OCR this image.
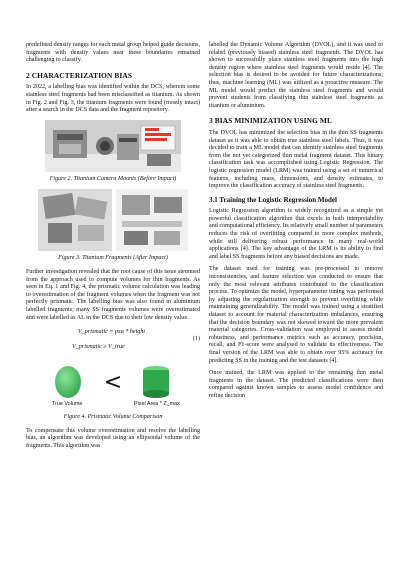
predefined density ranges for each metal group helped guide decisions, fragments with density values near these boundaries remained challenging to classify.

2 CHARACTERIZATION BIAS

In 2022, a labelling bias was identified within the DCS, wherein some stainless steel fragments had been misclassified as titanium. As shown in Fig. 2 and Fig. 3, the titanium fragments were found (mostly intact) after a search in the DCS data and the fragment repository.

Figure 2. Titanium Camera Mounts (Before Impact)
Figure 3. Titanium Fragments (After Impact)

Further investigation revealed that the root cause of this issue stemmed from the approach used to compute volumes for thin fragments. As seen in Eq. 1 and Fig. 4, the prismatic volume calculation was leading to overestimation of the fragment volumes when the fragment was not perfectly prismatic. The labelling bias was also found in aluminium labelled fragments; many SS fragments volumes were overestimated and were labelled as AL in the DCS due to their low density value.

V_prismatic = pxa * height
V_prismatic ≥ V_true
(1)
<
True Volume	Pixel Area * Z_max
Figure 4. Prismatic Volume Comparison

To compensate this volume overestimation and resolve the labelling bias, an algorithm was developed using an ellipsoidal volume of the fragments. This algorithm was

labelled the Dynamic Volume Algorithm (DVOL), and it was used to relabel (previously biased) stainless steel fragments. The DVOL has shown to successfully place stainless steel fragments into the high density region where stainless steel fragments would reside [4]. The selection bias is desired to be avoided for future characterizations; thus, machine learning (ML) was utilized as a proactive measure. The ML model would predict the stainless steel fragments and would prevent students from classifying thin stainless steel fragments as titanium or aluminium.

3 BIAS MINIMIZATION USING ML

The DVOL has minimized the selection bias in the thin SS fragments dataset as it was able to obtain true stainless steel labels. Thus, it was decided to train a ML model that can identify stainless steel fragments from the not yet categorized thin metal fragment dataset. This binary classification task was accomplished using Logistic Regression. The logistic regression model (LRM) was trained using a set of numerical features, including mass, dimensions, and density estimates, to improve the classification accuracy of stainless steel fragments.

3.1 Training the Logistic Regression Model

Logistic Regression algorithm is widely recognized as a simple yet powerful classification algorithm that excels in both interpretability and computational efficiency. Its relatively small number of parameters reduces the risk of overfitting compared to more complex methods, while still delivering robust performance in many real-world applications [4]. The key advantage of the LRM is its ability to find and label SS fragments before any biased decisions are made.

The dataset used for training was pre-processed to remove inconsistencies, and feature selection was conducted to ensure that only the most relevant attributes contributed to the classification process. To optimize the model, hyperparameter tuning was performed by adjusting the regularization strength to prevent overfitting while maintaining generalizability. The model was trained using a stratified dataset to account for material characterization imbalances, ensuring that the decision boundary was not skewed toward the more prevalent material categories. Cross-validation was employed to assess model robustness, and performance metrics such as accuracy, precision, recall, and F1-score were analysed to validate its effectiveness. The final version of the LRM was able to obtain over 95% accuracy for predicting SS in the training and the test datasets [4].

Once trained, the LRM was applied to the remaining thin metal fragments in the dataset. The predicted classifications were then compared against known samples to assess model confidence and refine decision
